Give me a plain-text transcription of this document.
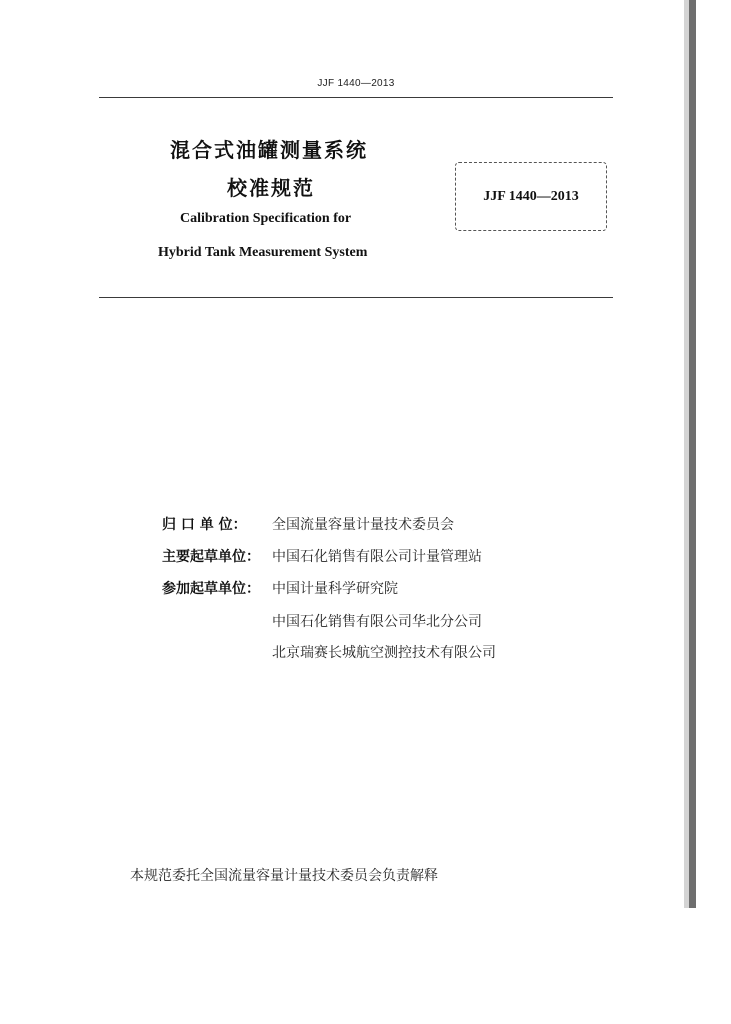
JJF 1440—2013
混合式油罐测量系统
校准规范
Calibration Specification for
Hybrid Tank Measurement System
JJF 1440—2013
归 口 单 位： 全国流量容量计量技术委员会
主要起草单位： 中国石化销售有限公司计量管理站
参加起草单位： 中国计量科学研究院
中国石化销售有限公司华北分公司
北京瑞赛长城航空测控技术有限公司
本规范委托全国流量容量计量技术委员会负责解释
